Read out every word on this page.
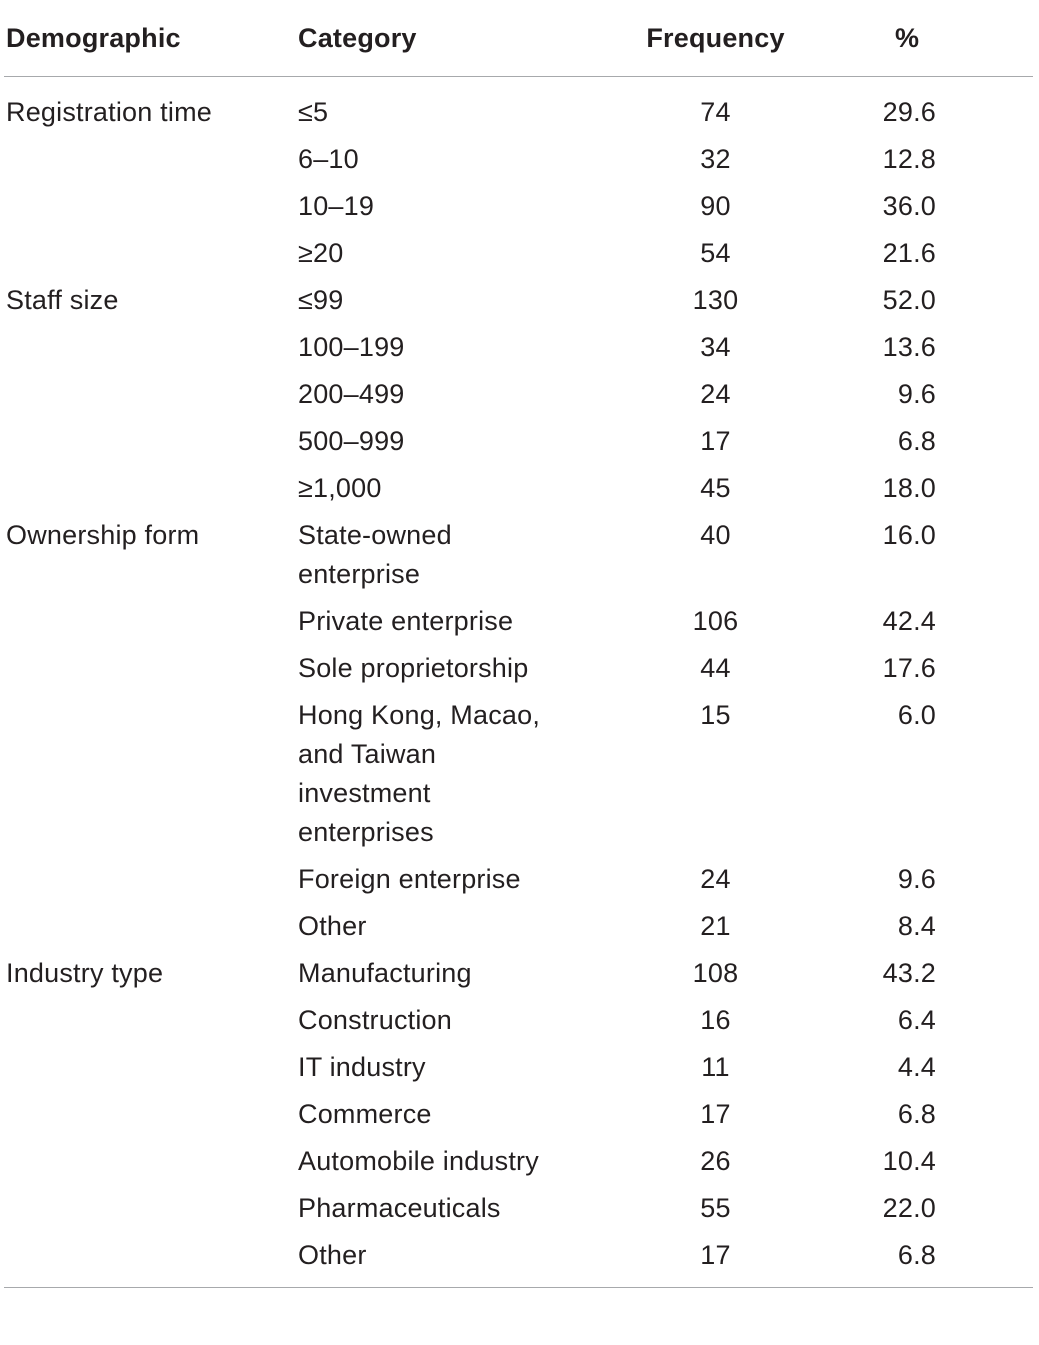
Demographic	Category	Frequency	%
Registration time	≤5	74	29.6
	6–10	32	12.8
	10–19	90	36.0
	≥20	54	21.6
Staff size	≤99	130	52.0
	100–199	34	13.6
	200–499	24	9.6
	500–999	17	6.8
	≥1,000	45	18.0
Ownership form	State-owned enterprise	40	16.0
	Private enterprise	106	42.4
	Sole proprietorship	44	17.6
	Hong Kong, Macao, and Taiwan investment enterprises	15	6.0
	Foreign enterprise	24	9.6
	Other	21	8.4
Industry type	Manufacturing	108	43.2
	Construction	16	6.4
	IT industry	11	4.4
	Commerce	17	6.8
	Automobile industry	26	10.4
	Pharmaceuticals	55	22.0
	Other	17	6.8
